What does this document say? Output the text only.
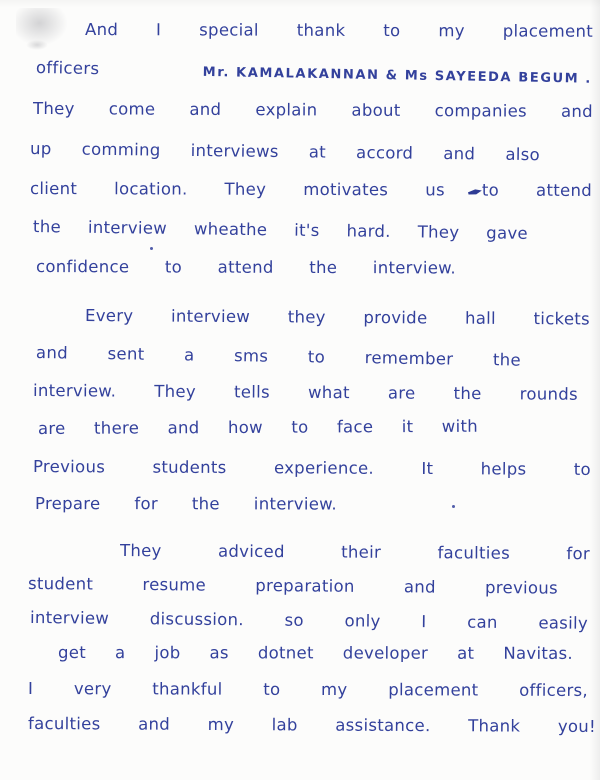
And I special thank to my placement
officers	Mr. KAMALAKANNAN & Ms SAYEEDA BEGUM .
They come and explain about companies and
up comming interviews at accord and also
client location. They motivates us to attend
the interview wheathe it's hard. They gave
confidence to attend the interview.
Every interview they provide hall tickets
and sent a sms to remember the
interview. They tells what are the rounds
are there and how to face it with
Previous students experience. It helps to
Prepare for the interview.
They adviced their faculties for
student resume preparation and previous
interview discussion. so only I can easily
get a job as dotnet developer at Navitas.
I very thankful to my placement officers,
faculties and my lab assistance. Thank you!
